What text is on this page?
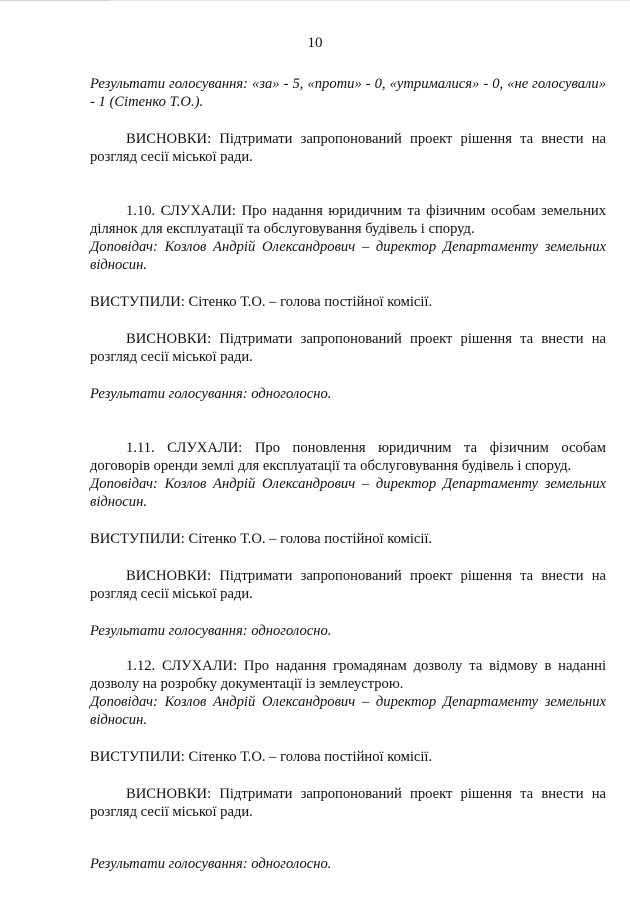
10

Результати голосування: «за» - 5, «проти» - 0, «утрималися» - 0, «не голосували» - 1 (Сітенко Т.О.).

ВИСНОВКИ: Підтримати запропонований проект рішення та внести на розгляд сесії міської ради.

1.10. СЛУХАЛИ: Про надання юридичним та фізичним особам земельних ділянок для експлуатації та обслуговування будівель і споруд.

Доповідач: Козлов Андрій Олександрович – директор Департаменту земельних відносин.

ВИСТУПИЛИ: Сітенко Т.О. – голова постійної комісії.

ВИСНОВКИ: Підтримати запропонований проект рішення та внести на розгляд сесії міської ради.

Результати голосування: одноголосно.

1.11. СЛУХАЛИ: Про поновлення юридичним та фізичним особам договорів оренди землі для експлуатації та обслуговування будівель і споруд.

Доповідач: Козлов Андрій Олександрович – директор Департаменту земельних відносин.

ВИСТУПИЛИ: Сітенко Т.О. – голова постійної комісії.

ВИСНОВКИ: Підтримати запропонований проект рішення та внести на розгляд сесії міської ради.

Результати голосування: одноголосно.

1.12. СЛУХАЛИ: Про надання громадянам дозволу та відмову в наданні дозволу на розробку документації із землеустрою.

Доповідач: Козлов Андрій Олександрович – директор Департаменту земельних відносин.

ВИСТУПИЛИ: Сітенко Т.О. – голова постійної комісії.

ВИСНОВКИ: Підтримати запропонований проект рішення та внести на розгляд сесії міської ради.

Результати голосування: одноголосно.
